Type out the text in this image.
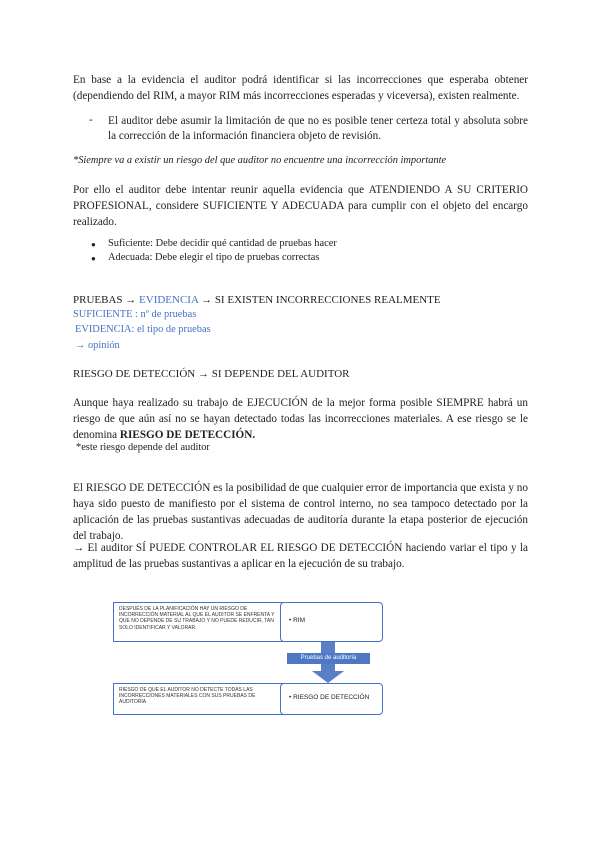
En base a la evidencia el auditor podrá identificar si las incorrecciones que esperaba obtener (dependiendo del RIM, a mayor RIM más incorrecciones esperadas y viceversa), existen realmente.
- El auditor debe asumir la limitación de que no es posible tener certeza total y absoluta sobre la corrección de la información financiera objeto de revisión.
*Siempre va a existir un riesgo del que auditor no encuentre una incorrección importante
Por ello el auditor debe intentar reunir aquella evidencia que ATENDIENDO A SU CRITERIO PROFESIONAL, considere SUFICIENTE Y ADECUADA para cumplir con el objeto del encargo realizado.
● Suficiente: Debe decidir qué cantidad de pruebas hacer
● Adecuada: Debe elegir el tipo de pruebas correctas
PRUEBAS → EVIDENCIA → SI EXISTEN INCORRECCIONES REALMENTE
SUFICIENTE : nº de pruebas
EVIDENCIA: el tipo de pruebas
→ opinión
RIESGO DE DETECCIÓN → SI DEPENDE DEL AUDITOR
Aunque haya realizado su trabajo de EJECUCIÓN de la mejor forma posible SIEMPRE habrá un riesgo de que aún así no se hayan detectado todas las incorrecciones materiales. A ese riesgo se le denomina RIESGO DE DETECCIÓN.
*este riesgo depende del auditor
El RIESGO DE DETECCIÓN es la posibilidad de que cualquier error de importancia que exista y no haya sido puesto de manifiesto por el sistema de control interno, no sea tampoco detectado por la aplicación de las pruebas sustantivas adecuadas de auditoría durante la etapa posterior de ejecución del trabajo.
→ El auditor SÍ PUEDE CONTROLAR EL RIESGO DE DETECCIÓN haciendo variar el tipo y la amplitud de las pruebas sustantivas a aplicar en la ejecución de su trabajo.
DESPUÉS DE LA PLANIFICACIÓN HAY UN RIESGO DE INCORRECCIÓN MATERIAL AL QUE EL AUDITOR SE ENFRENTA Y QUE NO DEPENDE DE SU TRABAJO Y NO PUEDE REDUCIR, TAN SOLO IDENTIFICAR Y VALORAR.
• RIM
Pruebas de auditoría
RIESGO DE QUE EL AUDITOR NO DETECTE TODAS LAS INCORRECCIONES MATERIALES CON SUS PRUEBAS DE AUDITORÍA
• RIESGO DE DETECCIÓN
